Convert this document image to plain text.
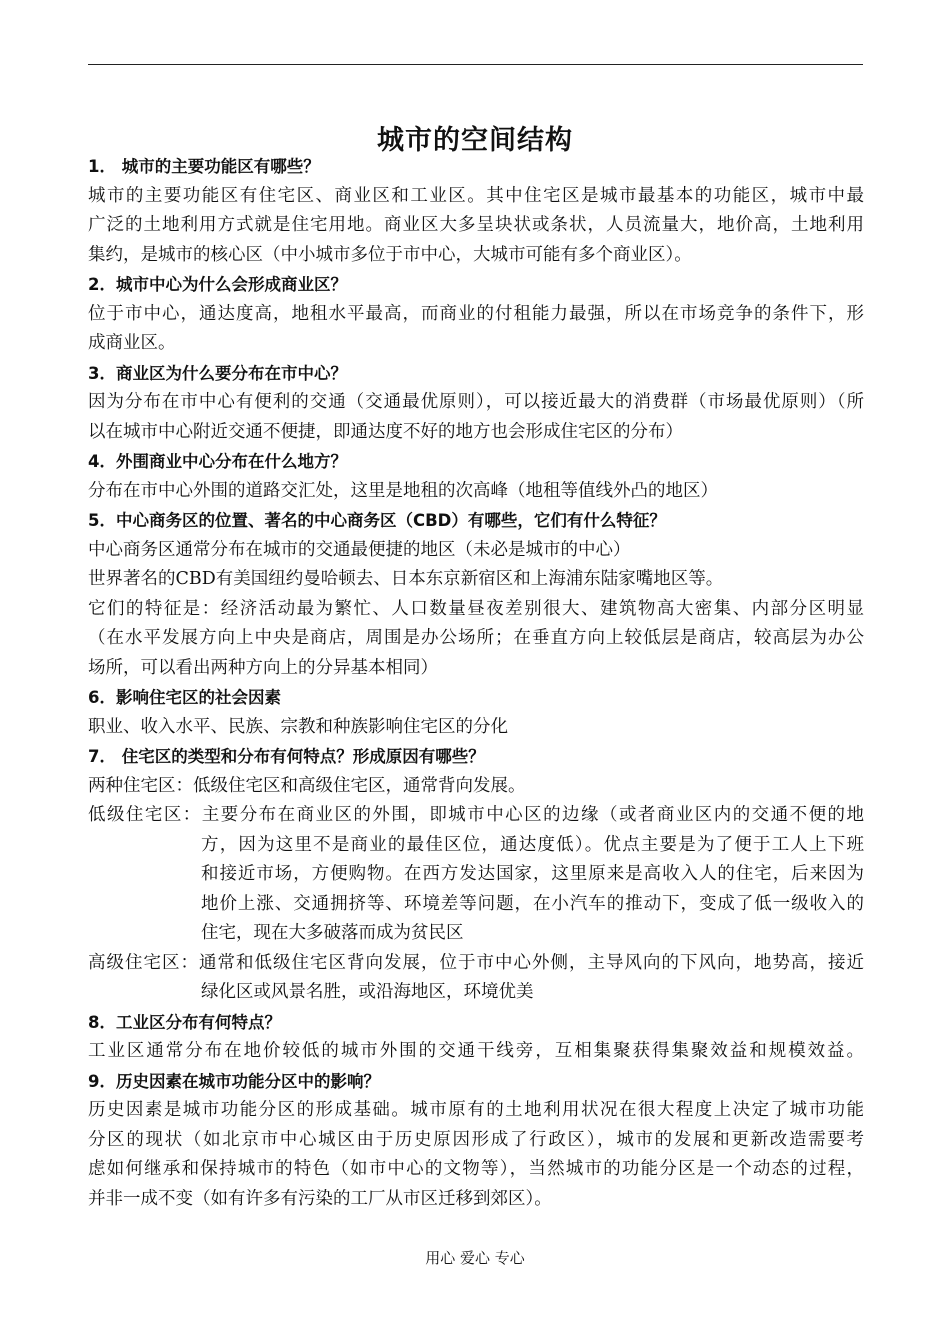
城市的空间结构
1． 城市的主要功能区有哪些？
城市的主要功能区有住宅区、商业区和工业区。其中住宅区是城市最基本的功能区，城市中最
广泛的土地利用方式就是住宅用地。商业区大多呈块状或条状，人员流量大，地价高，土地利用
集约，是城市的核心区（中小城市多位于市中心，大城市可能有多个商业区）。
2．城市中心为什么会形成商业区？
位于市中心，通达度高，地租水平最高，而商业的付租能力最强，所以在市场竞争的条件下，形
成商业区。
3．商业区为什么要分布在市中心？
因为分布在市中心有便利的交通（交通最优原则），可以接近最大的消费群（市场最优原则）（所
以在城市中心附近交通不便捷，即通达度不好的地方也会形成住宅区的分布）
4．外围商业中心分布在什么地方？
分布在市中心外围的道路交汇处，这里是地租的次高峰（地租等值线外凸的地区）
5．中心商务区的位置、著名的中心商务区（CBD）有哪些，它们有什么特征？
中心商务区通常分布在城市的交通最便捷的地区（未必是城市的中心）
世界著名的CBD有美国纽约曼哈顿去、日本东京新宿区和上海浦东陆家嘴地区等。
它们的特征是：经济活动最为繁忙、人口数量昼夜差别很大、建筑物高大密集、内部分区明显
（在水平发展方向上中央是商店，周围是办公场所；在垂直方向上较低层是商店，较高层为办公
场所，可以看出两种方向上的分异基本相同）
6．影响住宅区的社会因素
职业、收入水平、民族、宗教和种族影响住宅区的分化
7． 住宅区的类型和分布有何特点？形成原因有哪些？
两种住宅区：低级住宅区和高级住宅区，通常背向发展。
低级住宅区：主要分布在商业区的外围，即城市中心区的边缘（或者商业区内的交通不便的地
方，因为这里不是商业的最佳区位，通达度低）。优点主要是为了便于工人上下班
和接近市场，方便购物。在西方发达国家，这里原来是高收入人的住宅，后来因为
地价上涨、交通拥挤等、环境差等问题，在小汽车的推动下，变成了低一级收入的
住宅，现在大多破落而成为贫民区
高级住宅区：通常和低级住宅区背向发展，位于市中心外侧，主导风向的下风向，地势高，接近
绿化区或风景名胜，或沿海地区，环境优美
8．工业区分布有何特点？
工业区通常分布在地价较低的城市外围的交通干线旁，互相集聚获得集聚效益和规模效益。
9．历史因素在城市功能分区中的影响？
历史因素是城市功能分区的形成基础。城市原有的土地利用状况在很大程度上决定了城市功能
分区的现状（如北京市中心城区由于历史原因形成了行政区），城市的发展和更新改造需要考
虑如何继承和保持城市的特色（如市中心的文物等），当然城市的功能分区是一个动态的过程，
并非一成不变（如有许多有污染的工厂从市区迁移到郊区）。
用心 爱心 专心
